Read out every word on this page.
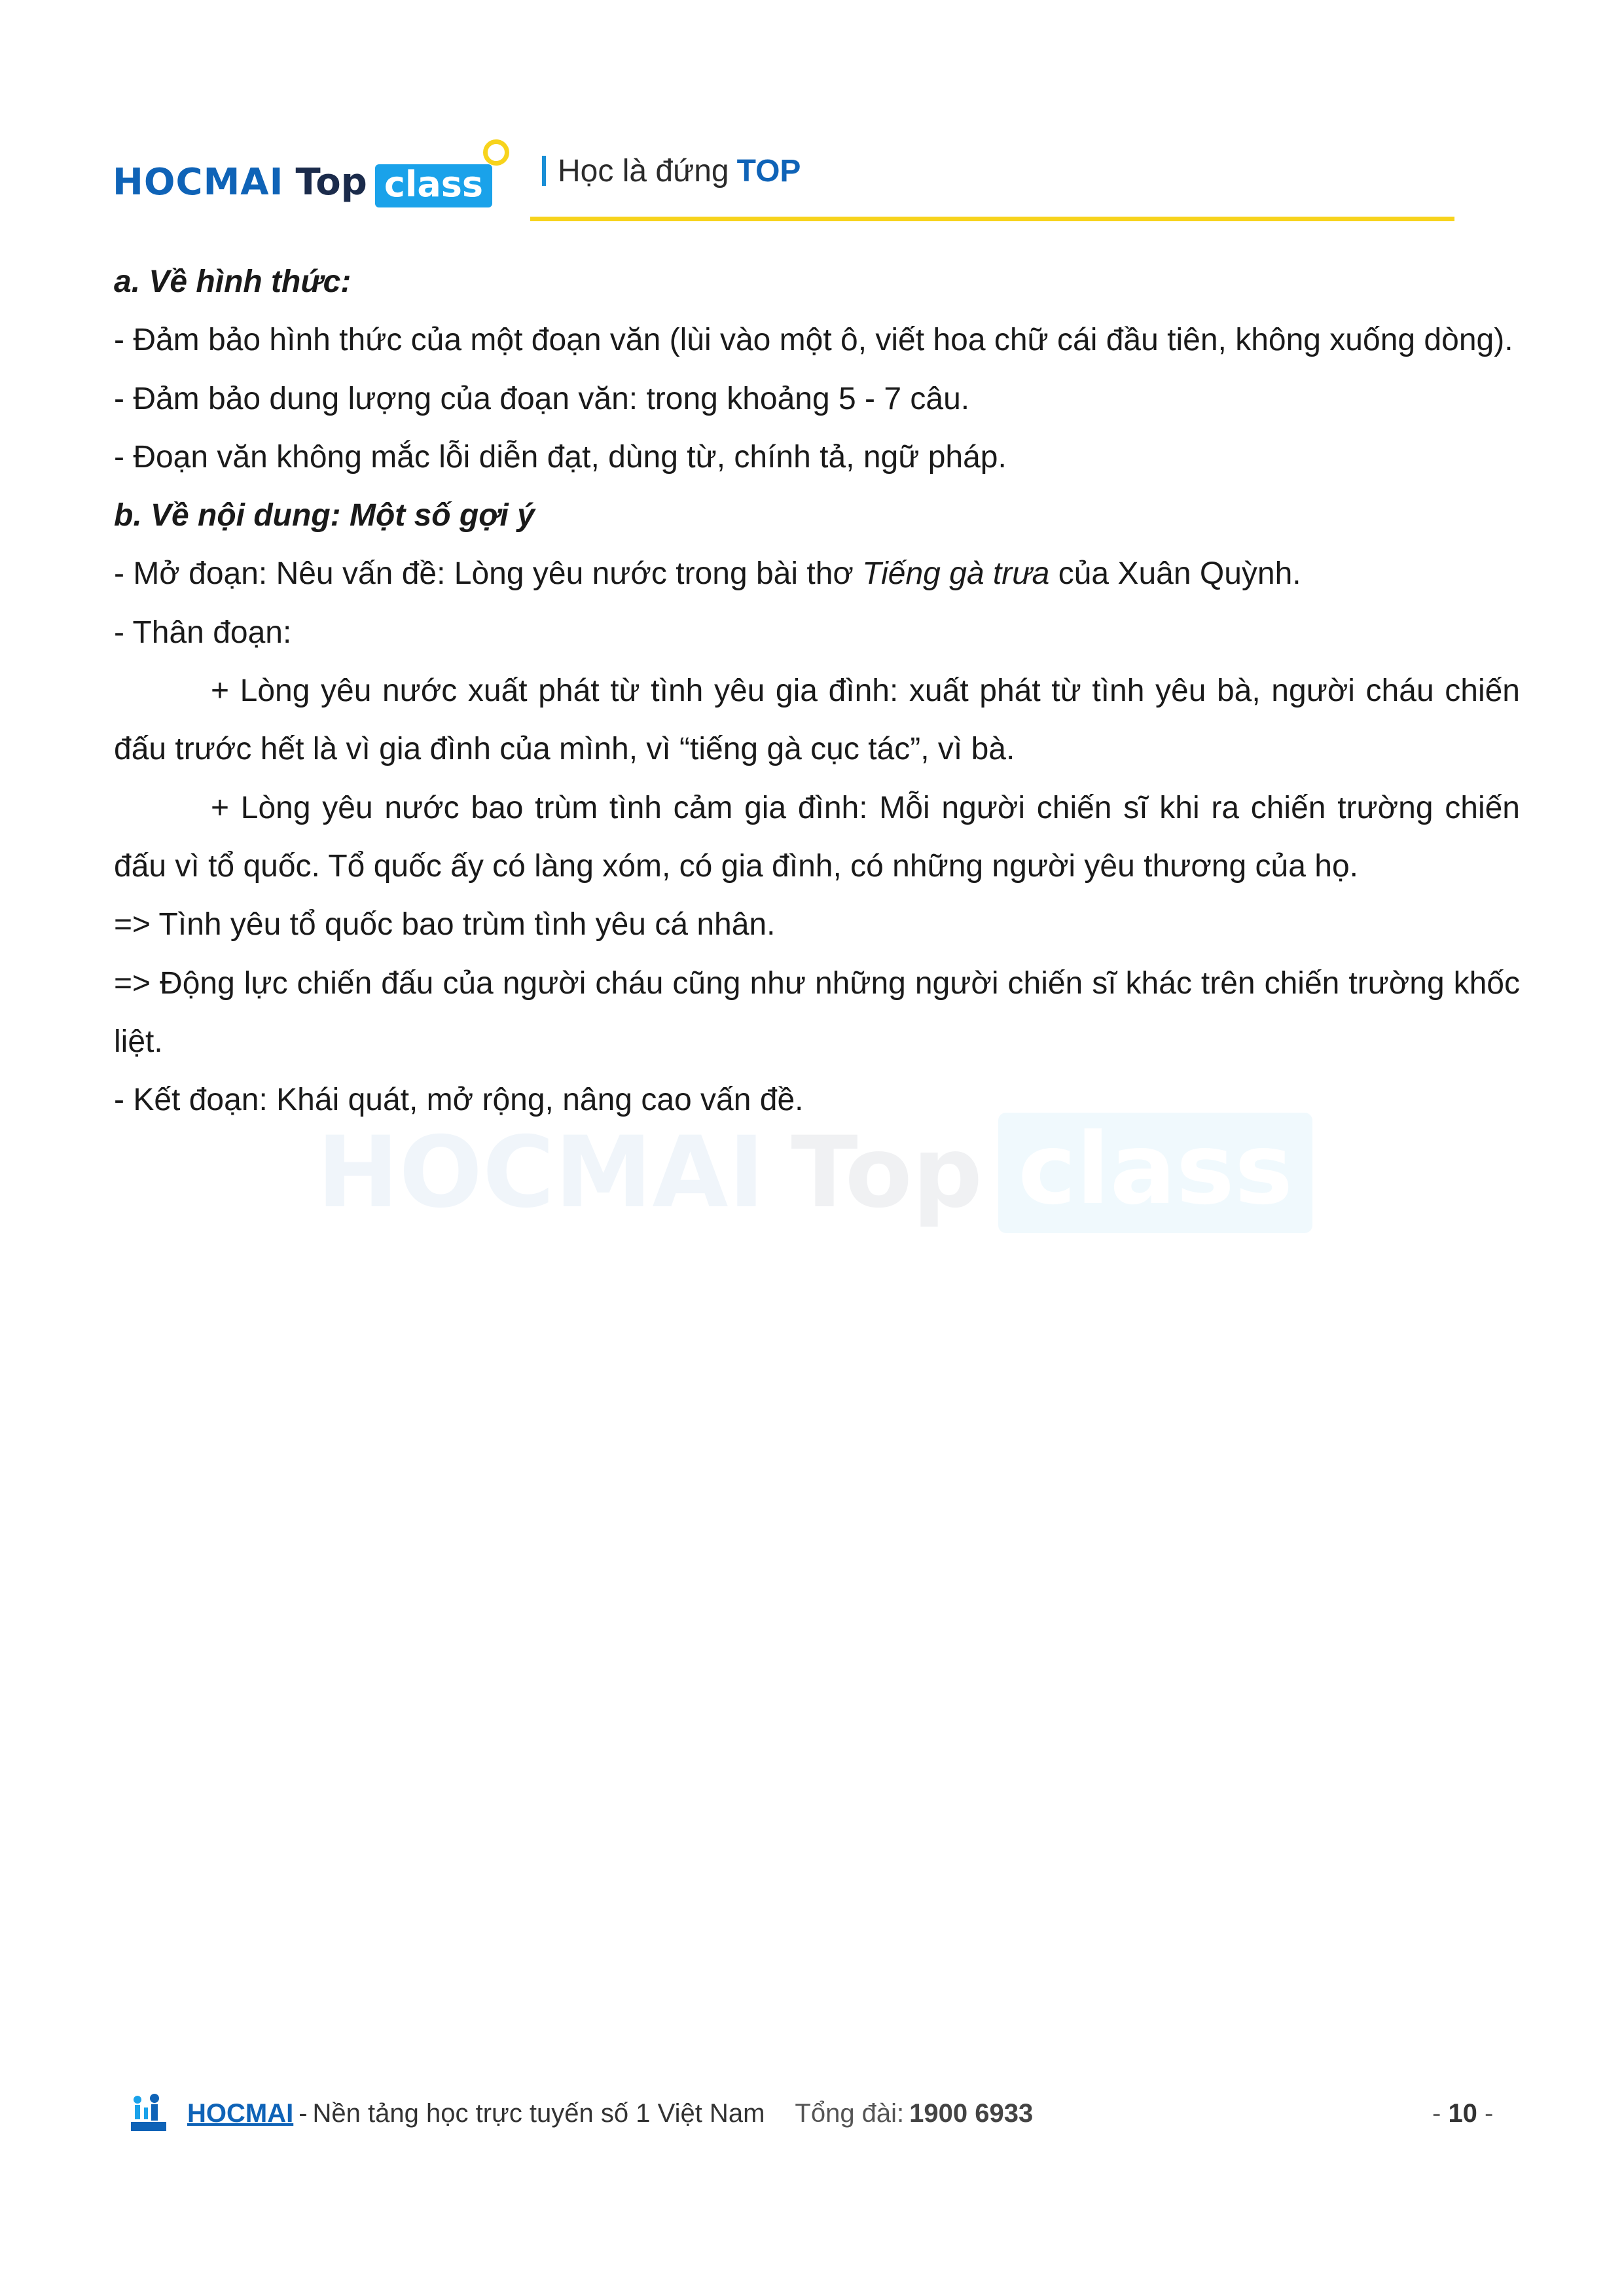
HOCMAI Top class Học là đứng TOP
HOCMAI Top class

a. Về hình thức:

- Đảm bảo hình thức của một đoạn văn (lùi vào một ô, viết hoa chữ cái đầu tiên, không xuống dòng).

- Đảm bảo dung lượng của đoạn văn: trong khoảng 5 - 7 câu.

- Đoạn văn không mắc lỗi diễn đạt, dùng từ, chính tả, ngữ pháp.

b. Về nội dung: Một số gợi ý

- Mở đoạn: Nêu vấn đề: Lòng yêu nước trong bài thơ Tiếng gà trưa của Xuân Quỳnh.

- Thân đoạn:

+ Lòng yêu nước xuất phát từ tình yêu gia đình: xuất phát từ tình yêu bà, người cháu chiến đấu trước hết là vì gia đình của mình, vì “tiếng gà cục tác”, vì bà.

+ Lòng yêu nước bao trùm tình cảm gia đình: Mỗi người chiến sĩ khi ra chiến trường chiến đấu vì tổ quốc. Tổ quốc ấy có làng xóm, có gia đình, có những người yêu thương của họ.

=> Tình yêu tổ quốc bao trùm tình yêu cá nhân.

=> Động lực chiến đấu của người cháu cũng như những người chiến sĩ khác trên chiến trường khốc liệt.

- Kết đoạn: Khái quát, mở rộng, nâng cao vấn đề.

HOCMAI - Nền tảng học trực tuyến số 1 Việt Nam Tổng đài: 1900 6933	- 10 -
